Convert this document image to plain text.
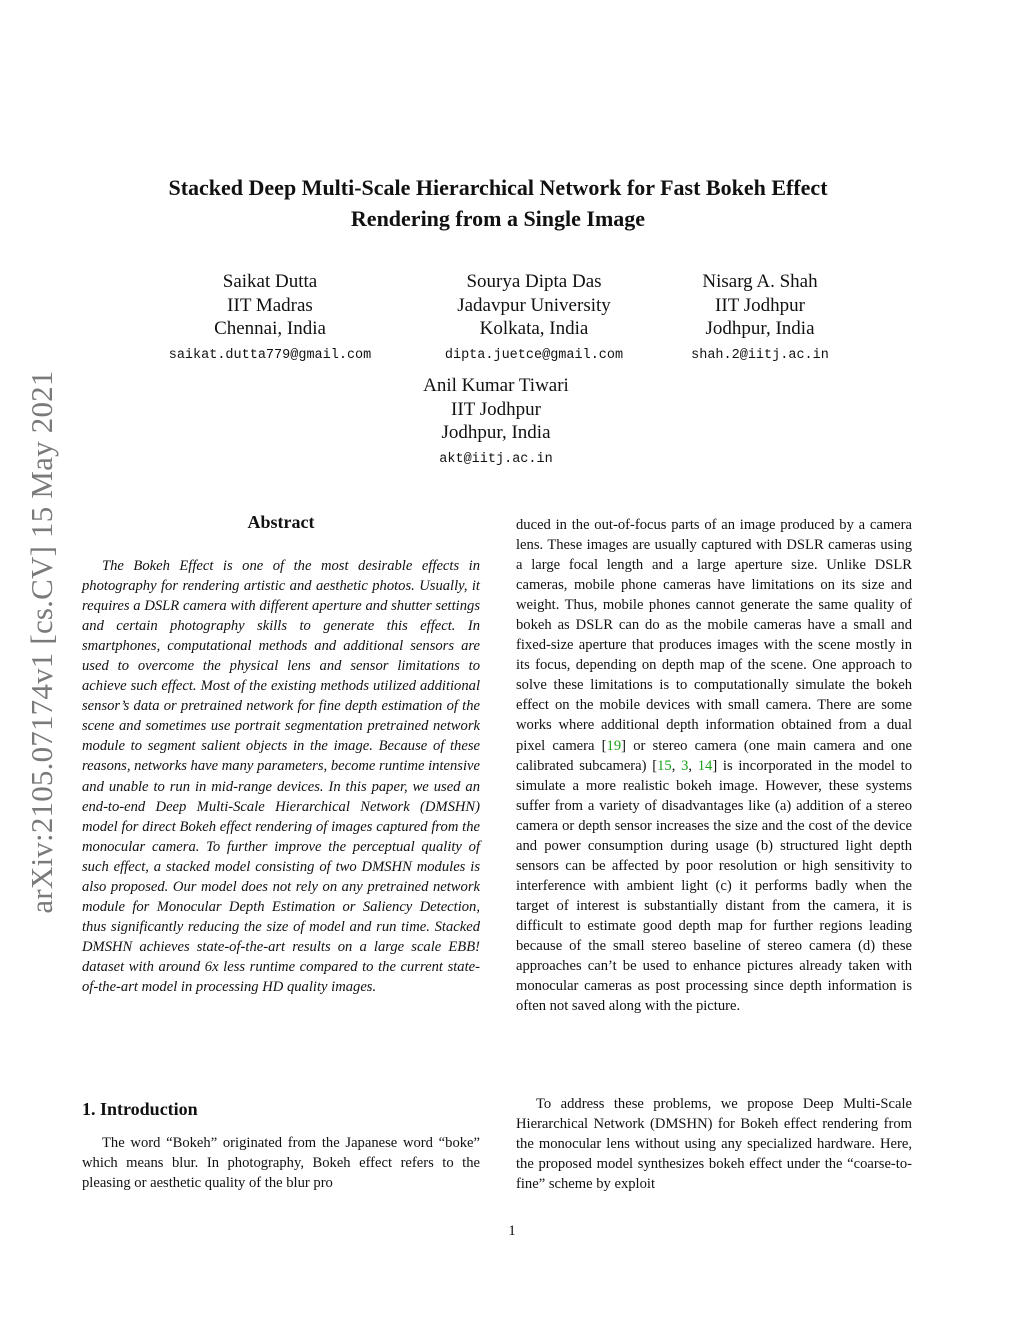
arXiv:2105.07174v1 [cs.CV] 15 May 2021
Stacked Deep Multi-Scale Hierarchical Network for Fast Bokeh Effect
Rendering from a Single Image
Saikat Dutta
IIT Madras
Chennai, India
saikat.dutta779@gmail.com
Sourya Dipta Das
Jadavpur University
Kolkata, India
dipta.juetce@gmail.com
Nisarg A. Shah
IIT Jodhpur
Jodhpur, India
shah.2@iitj.ac.in
Anil Kumar Tiwari
IIT Jodhpur
Jodhpur, India
akt@iitj.ac.in
Abstract

The Bokeh Effect is one of the most desirable effects in photography for rendering artistic and aesthetic photos. Usually, it requires a DSLR camera with different aperture and shutter settings and certain photography skills to generate this effect. In smartphones, computational methods and additional sensors are used to overcome the physical lens and sensor limitations to achieve such effect. Most of the existing methods utilized additional sensor’s data or pretrained network for fine depth estimation of the scene and sometimes use portrait segmentation pretrained network module to segment salient objects in the image. Because of these reasons, networks have many parameters, become runtime intensive and unable to run in mid-range devices. In this paper, we used an end-to-end Deep Multi-Scale Hierarchical Network (DMSHN) model for direct Bokeh effect rendering of images captured from the monocular camera. To further improve the perceptual quality of such effect, a stacked model consisting of two DMSHN modules is also proposed. Our model does not rely on any pretrained network module for Monocular Depth Estimation or Saliency Detection, thus significantly reducing the size of model and run time. Stacked DMSHN achieves state-of-the-art results on a large scale EBB! dataset with around 6x less runtime compared to the current state-of-the-art model in processing HD quality images.

1. Introduction

The word “Bokeh” originated from the Japanese word “boke” which means blur. In photography, Bokeh effect refers to the pleasing or aesthetic quality of the blur pro

duced in the out-of-focus parts of an image produced by a camera lens. These images are usually captured with DSLR cameras using a large focal length and a large aperture size. Unlike DSLR cameras, mobile phone cameras have limitations on its size and weight. Thus, mobile phones cannot generate the same quality of bokeh as DSLR can do as the mobile cameras have a small and fixed-size aperture that produces images with the scene mostly in its focus, depending on depth map of the scene. One approach to solve these limitations is to computationally simulate the bokeh effect on the mobile devices with small camera. There are some works where additional depth information obtained from a dual pixel camera [19] or stereo camera (one main camera and one calibrated subcamera) [15, 3, 14] is incorporated in the model to simulate a more realistic bokeh image. However, these systems suffer from a variety of disadvantages like (a) addition of a stereo camera or depth sensor increases the size and the cost of the device and power consumption during usage (b) structured light depth sensors can be affected by poor resolution or high sensitivity to interference with ambient light (c) it performs badly when the target of interest is substantially distant from the camera, it is difficult to estimate good depth map for further regions leading because of the small stereo baseline of stereo camera (d) these approaches can’t be used to enhance pictures already taken with monocular cameras as post processing since depth information is often not saved along with the picture.

To address these problems, we propose Deep Multi-Scale Hierarchical Network (DMSHN) for Bokeh effect rendering from the monocular lens without using any specialized hardware. Here, the proposed model synthesizes bokeh effect under the “coarse-to-fine” scheme by exploit

1
